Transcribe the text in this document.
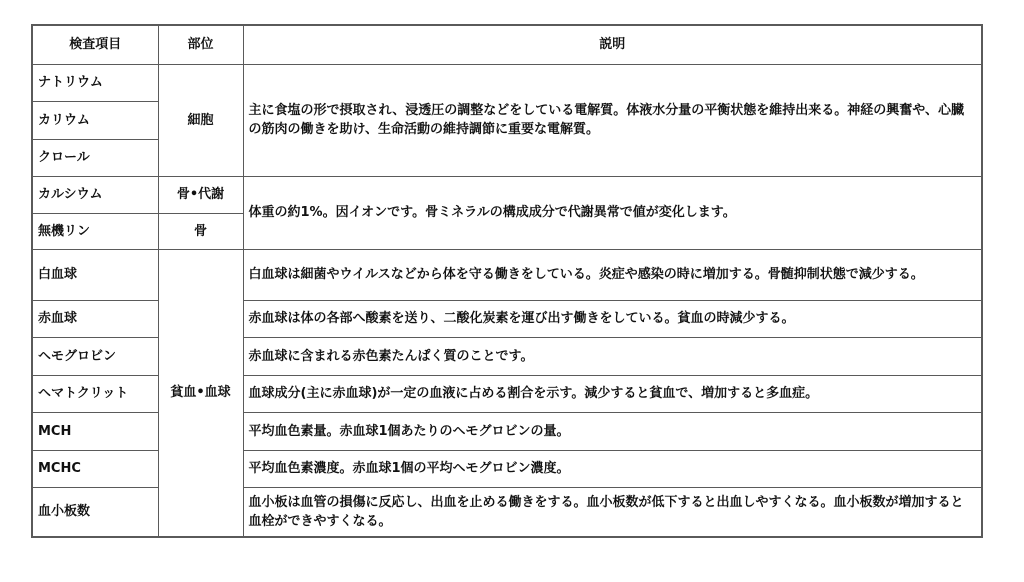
検査項目	部位	説明
ナトリウム	細胞	主に食塩の形で摂取され、浸透圧の調整などをしている電解質。体液水分量の平衡状態を維持出来る。神経の興奮や、心臓の筋肉の働きを助け、生命活動の維持調節に重要な電解質。
カリウム		
クロール		
カルシウム	骨•代謝	体重の約1%。因イオンです。骨ミネラルの構成成分で代謝異常で値が変化します。
無機リン	骨	
白血球	貧血•血球	白血球は細菌やウイルスなどから体を守る働きをしている。炎症や感染の時に増加する。骨髄抑制状態で減少する。
赤血球		赤血球は体の各部へ酸素を送り、二酸化炭素を運び出す働きをしている。貧血の時減少する。
ヘモグロビン		赤血球に含まれる赤色素たんぱく質のことです。
ヘマトクリット		血球成分(主に赤血球)が一定の血液に占める割合を示す。減少すると貧血で、増加すると多血症。
MCH		平均血色素量。赤血球1個あたりのヘモグロビンの量。
MCHC		平均血色素濃度。赤血球1個の平均ヘモグロビン濃度。
血小板数		血小板は血管の損傷に反応し、出血を止める働きをする。血小板数が低下すると出血しやすくなる。血小板数が増加すると血栓ができやすくなる。
